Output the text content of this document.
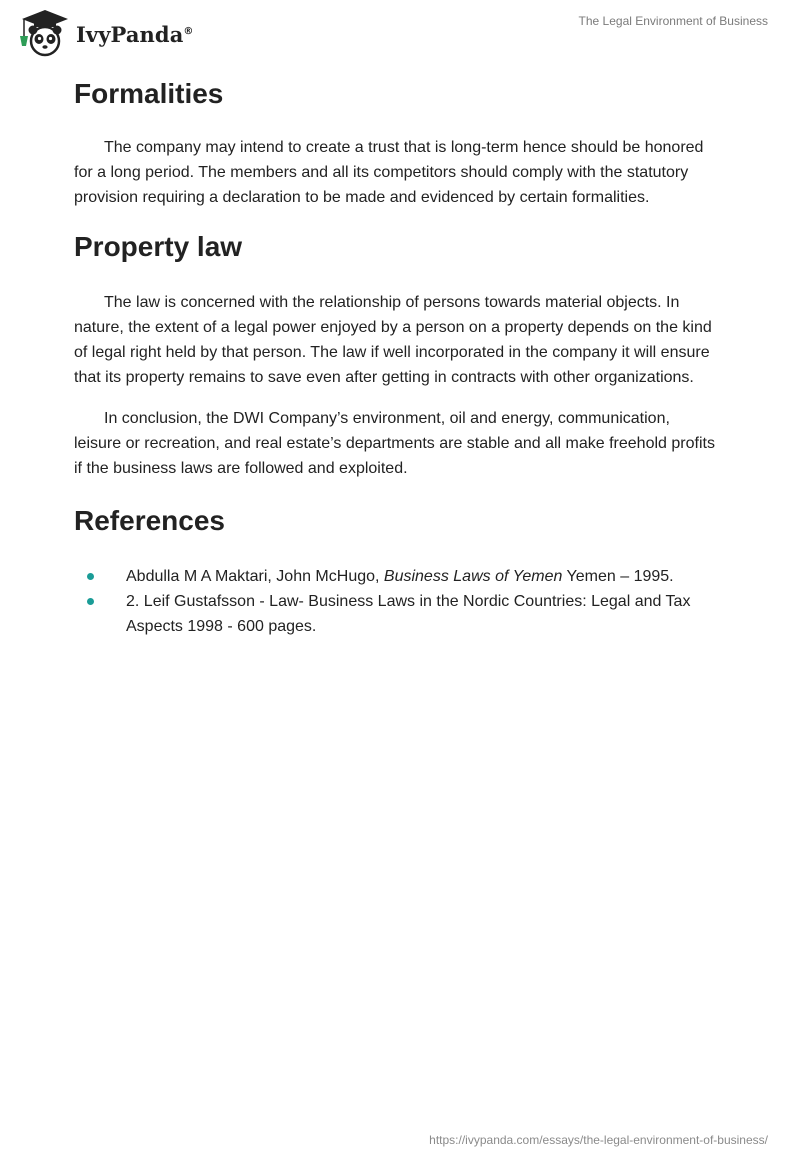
IvyPanda®
The Legal Environment of Business
Formalities

The company may intend to create a trust that is long-term hence should be honored for a long period. The members and all its competitors should comply with the statutory provision requiring a declaration to be made and evidenced by certain formalities.

Property law

The law is concerned with the relationship of persons towards material objects. In nature, the extent of a legal power enjoyed by a person on a property depends on the kind of legal right held by that person. The law if well incorporated in the company it will ensure that its property remains to save even after getting in contracts with other organizations.

In conclusion, the DWI Company’s environment, oil and energy, communication, leisure or recreation, and real estate’s departments are stable and all make freehold profits if the business laws are followed and exploited.

References
Abdulla M A Maktari, John McHugo, Business Laws of Yemen Yemen – 1995.
2. Leif Gustafsson - Law- Business Laws in the Nordic Countries: Legal and Tax Aspects 1998 - 600 pages.
https://ivypanda.com/essays/the-legal-environment-of-business/
